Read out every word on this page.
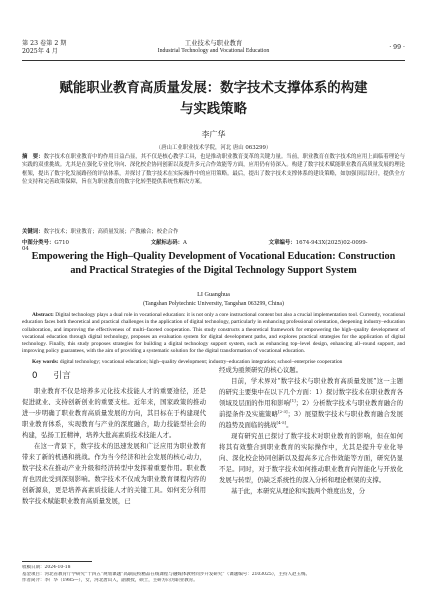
第 23 卷第 2 期
2025年 4 月
工业技术与职业教育
Industrial Technology and Vocational Education	· 99 ·
赋能职业教育高质量发展：数字技术支撑体系的构建
与实践策略
李广华
（唐山工业职业技术学院，河北 唐山 063299）
摘　要：数字技术在职业教育中的作用日益凸显，其不仅是核心教学工具，也是推动职业教育变革的关键力量。当前，职业教育在数字技术的应用上面临着理论与实践的双重挑战。尤其是在强化专业化导向、深化校企协同创新以及提升多元合作效能等方面，应用仍有待深入。构建了数字技术赋能职业教育高质量发展的理论框架，提出了数字化发展路径的评估体系，并探讨了数字技术在实际操作中的应用策略。最后，提出了数字技术支撑体系的建设策略，如加强顶层设计，提供全方位支持和完善政策保障，旨在为职业教育的数字化转型提供系统性解决方案。
关键词：数字技术；职业教育；高质量发展；产教融合；校企合作
中图分类号：G710	文献标志码：A	文章编号：1674-943X(2025)02-0099-04
Empowering the High–Quality Development of Vocational Education: Construction
and Practical Strategies of the Digital Technology Support System
LI Guanghua
(Tangshan Polytechnic University, Tangshan 063299, China)
Abstract: Digital technology plays a dual role in vocational education: it is not only a core instructional content but also a crucial implementation tool. Currently, vocational education faces both theoretical and practical challenges in the application of digital technology, particularly in enhancing professional orientation, deepening industry–education collaboration, and improving the effectiveness of multi–faceted cooperation. This study constructs a theoretical framework for empowering the high–quality development of vocational education through digital technology, proposes an evaluation system for digital development paths, and explores practical strategies for the application of digital technology. Finally, this study proposes strategies for building a digital technology support system, such as enhancing top–level design, enhancing all–round support, and improving policy guarantees, with the aim of providing a systematic solution for the digital transformation of vocational education.
Key words: digital technology; vocational education; high–quality development; industry–education integration; school–enterprise cooperation
0 引言

职业教育不仅是培养多元化技术技能人才的重要途径，还是促进就业、支持创新创业的重要支柱。近年来，国家政策的推动进一步明确了职业教育高质量发展的方向，其目标在于构建现代职业教育体系，实现教育与产业的深度融合，助力技能型社会的构建，弘扬工匠精神，培养大批高素质技术技能人才。

在这一背景下，数字技术的迅速发展和广泛应用为职业教育带来了新的机遇和挑战。作为当今经济和社会发展的核心动力，数字技术在推动产业升级和经济转型中发挥着重要作用。职业教育也因此受到深刻影响。数字技术不仅成为职业教育课程内容的创新源泉，更是培养高素质技能人才的关键工具。如何充分利用数字技术赋能职业教育高质量发展，已

经成为亟须研究的核心议题。

目前，学术界对“数字技术与职业教育高质量发展”这一主题的研究主要集中在以下几个方面：1）探讨数字技术在职业教育各领域及层面的作用和影响[1]；2）分析数字技术与职业教育融合的前提条件及实施策略[2-3]；3）展望数字技术与职业教育融合发展的趋势及面临的挑战[4-5]。

现有研究虽已探讨了数字技术对职业教育的影响，但在如何将其有效整合到职业教育的实际操作中，尤其是提升专业化导向、深化校企协同创新以及提高多元合作效能等方面，研究仍显不足。同时，对于数字技术如何推动职业教育向智能化与开放化发展与转型，仍缺乏系统性的深入分析和理论框架的支撑。

基于此，本研究从理论和实践两个维度出发，分

收稿日期：2024-10-18
基金项目：河北省教育厅学研究“十四五”规划课题“高职院校精品在线课程与融媒体教材同步开发研究”（课题编号：2103025），主持人赵玉梅。
作者简介：李广华（1985—），女，河北唐山人，副教授，硕士，主研方向为职业教育。
